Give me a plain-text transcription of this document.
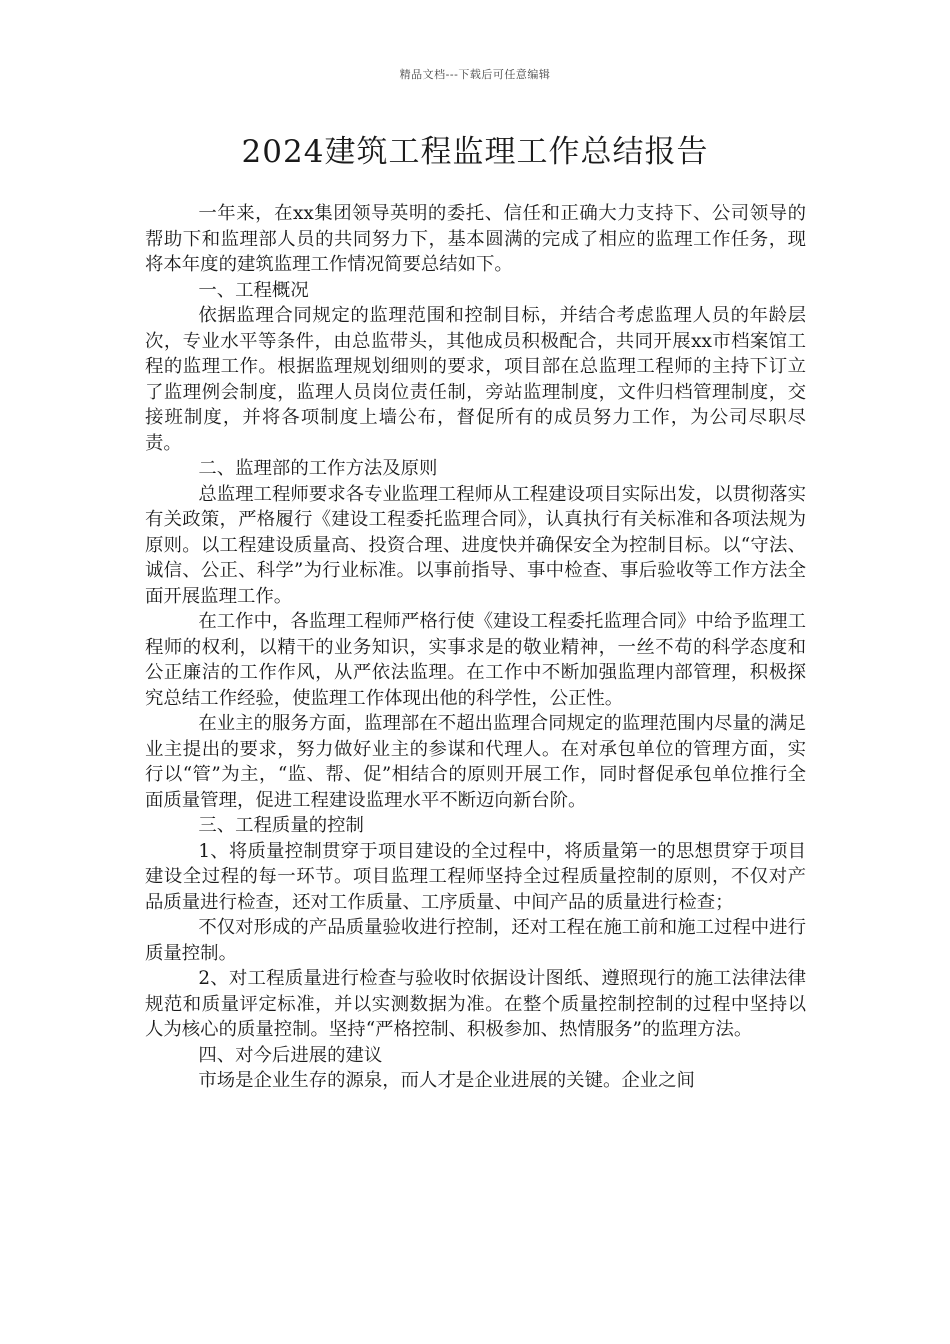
精品文档---下载后可任意编辑
2024建筑工程监理工作总结报告

一年来，在xx集团领导英明的委托、信任和正确大力支持下、公司领导的帮助下和监理部人员的共同努力下，基本圆满的完成了相应的监理工作任务，现将本年度的建筑监理工作情况简要总结如下。

一、工程概况

依据监理合同规定的监理范围和控制目标，并结合考虑监理人员的年龄层次，专业水平等条件，由总监带头，其他成员积极配合，共同开展xx市档案馆工程的监理工作。根据监理规划细则的要求，项目部在总监理工程师的主持下订立了监理例会制度，监理人员岗位责任制，旁站监理制度，文件归档管理制度，交接班制度，并将各项制度上墙公布，督促所有的成员努力工作，为公司尽职尽责。

二、监理部的工作方法及原则

总监理工程师要求各专业监理工程师从工程建设项目实际出发，以贯彻落实有关政策，严格履行《建设工程委托监理合同》，认真执行有关标准和各项法规为原则。以工程建设质量高、投资合理、进度快并确保安全为控制目标。以“守法、诚信、公正、科学”为行业标准。以事前指导、事中检查、事后验收等工作方法全面开展监理工作。

在工作中，各监理工程师严格行使《建设工程委托监理合同》中给予监理工程师的权利，以精干的业务知识，实事求是的敬业精神，一丝不苟的科学态度和公正廉洁的工作作风，从严依法监理。在工作中不断加强监理内部管理，积极探究总结工作经验，使监理工作体现出他的科学性，公正性。

在业主的服务方面，监理部在不超出监理合同规定的监理范围内尽量的满足业主提出的要求，努力做好业主的参谋和代理人。在对承包单位的管理方面，实行以“管”为主，“监、帮、促”相结合的原则开展工作，同时督促承包单位推行全面质量管理，促进工程建设监理水平不断迈向新台阶。

三、工程质量的控制

1、将质量控制贯穿于项目建设的全过程中，将质量第一的思想贯穿于项目建设全过程的每一环节。项目监理工程师坚持全过程质量控制的原则，不仅对产品质量进行检查，还对工作质量、工序质量、中间产品的质量进行检查；

不仅对形成的产品质量验收进行控制，还对工程在施工前和施工过程中进行质量控制。

2、对工程质量进行检查与验收时依据设计图纸、遵照现行的施工法律法律规范和质量评定标准，并以实测数据为准。在整个质量控制控制的过程中坚持以人为核心的质量控制。坚持“严格控制、积极参加、热情服务”的监理方法。

四、对今后进展的建议

市场是企业生存的源泉，而人才是企业进展的关键。企业之间
